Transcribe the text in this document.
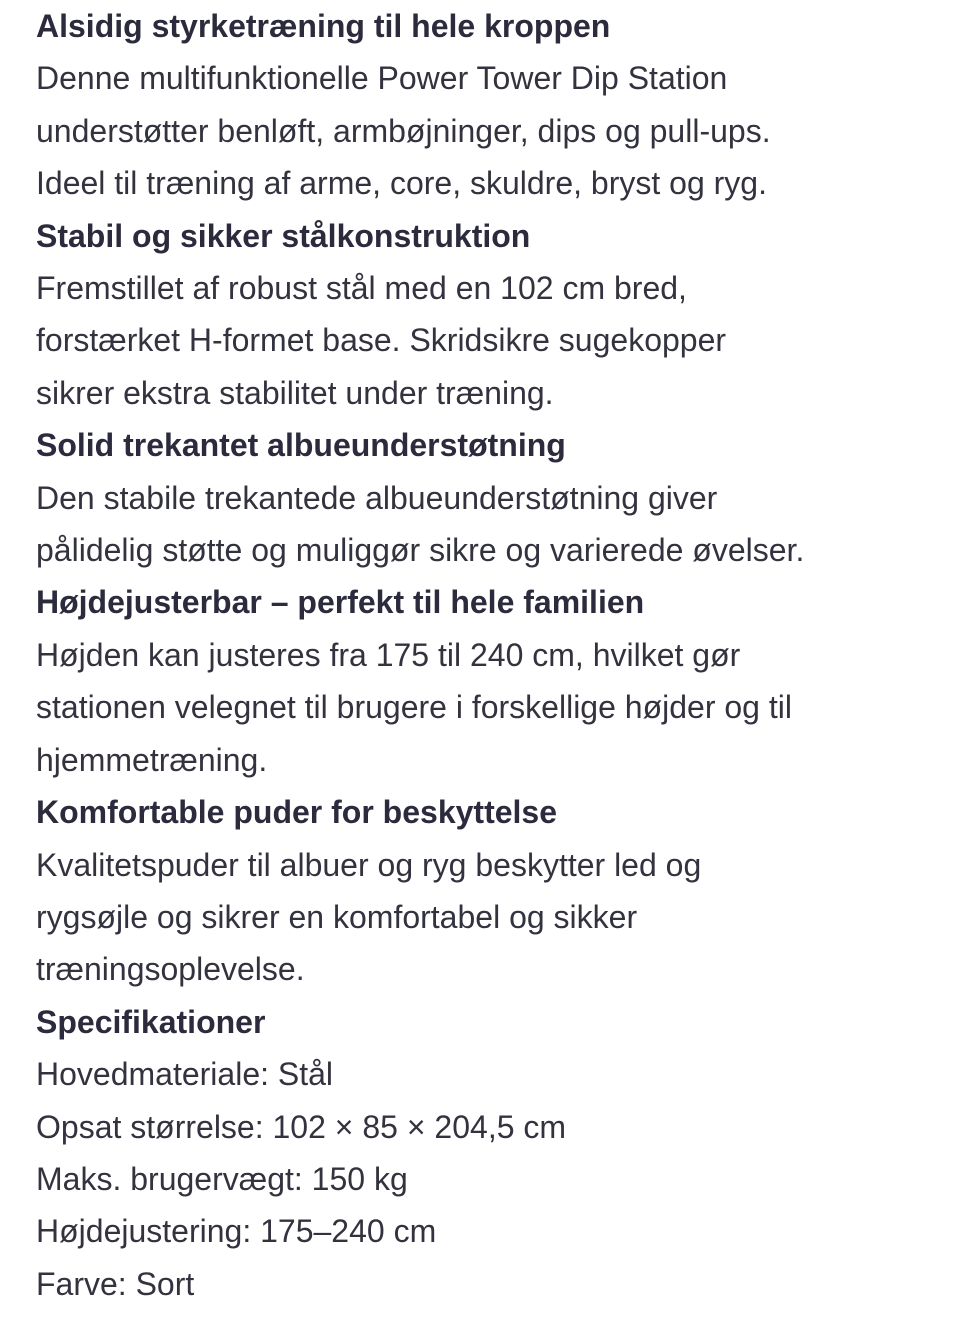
Alsidig styrketræning til hele kroppen

Denne multifunktionelle Power Tower Dip Station

understøtter benløft, armbøjninger, dips og pull-ups.

Ideel til træning af arme, core, skuldre, bryst og ryg.

Stabil og sikker stålkonstruktion

Fremstillet af robust stål med en 102 cm bred,

forstærket H-formet base. Skridsikre sugekopper

sikrer ekstra stabilitet under træning.

Solid trekantet albueunderstøtning

Den stabile trekantede albueunderstøtning giver

pålidelig støtte og muliggør sikre og varierede øvelser.

Højdejusterbar – perfekt til hele familien

Højden kan justeres fra 175 til 240 cm, hvilket gør

stationen velegnet til brugere i forskellige højder og til

hjemmetræning.

Komfortable puder for beskyttelse

Kvalitetspuder til albuer og ryg beskytter led og

rygsøjle og sikrer en komfortabel og sikker

træningsoplevelse.

Specifikationer

Hovedmateriale: Stål

Opsat størrelse: 102 × 85 × 204,5 cm

Maks. brugervægt: 150 kg

Højdejustering: 175–240 cm

Farve: Sort
